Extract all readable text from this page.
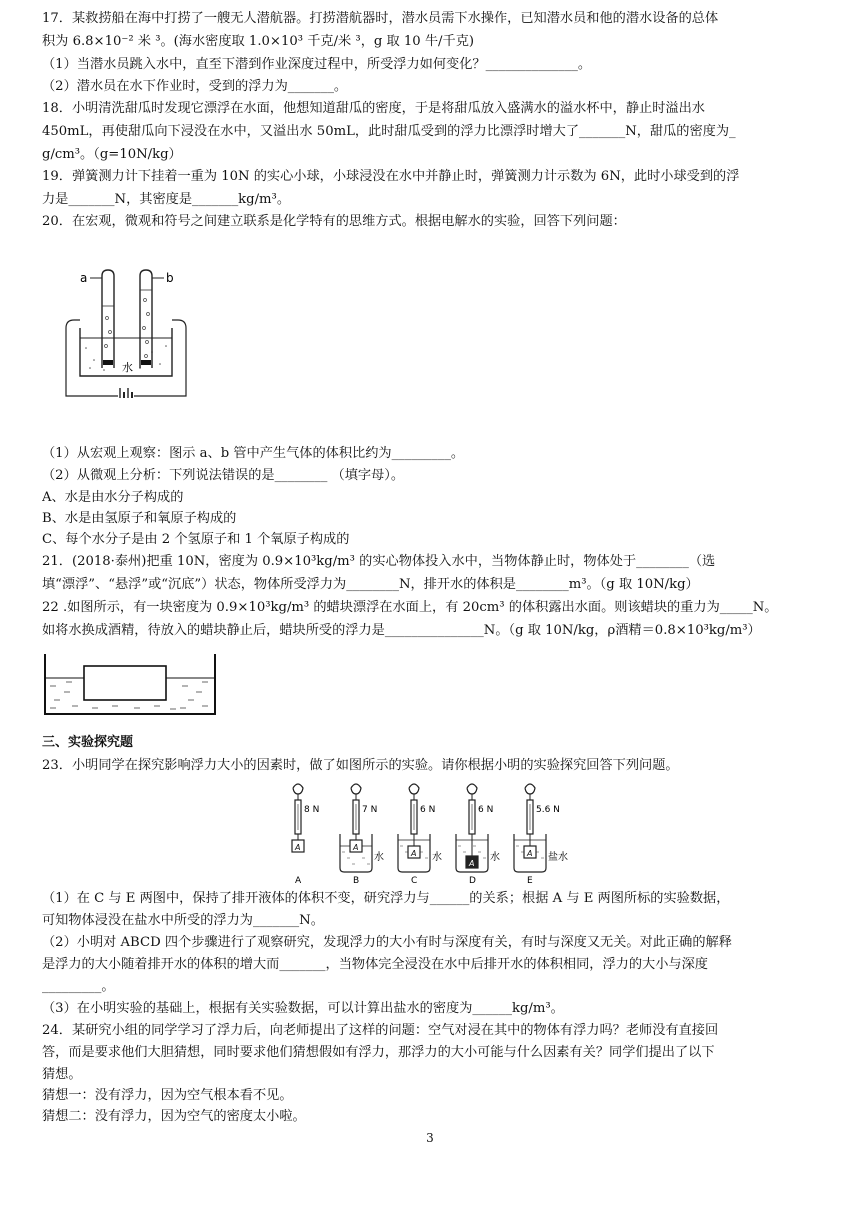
17．某救捞船在海中打捞了一艘无人潜航器。打捞潜航器时，潜水员需下水操作，已知潜水员和他的潜水设备的总体

积为 6.8×10⁻² 米 ³。(海水密度取 1.0×10³ 千克/米 ³，g 取 10 牛/千克)

（1）当潜水员跳入水中，直至下潜到作业深度过程中，所受浮力如何变化？______________。

（2）潜水员在水下作业时，受到的浮力为_______。

18．小明清洗甜瓜时发现它漂浮在水面，他想知道甜瓜的密度，于是将甜瓜放入盛满水的溢水杯中，静止时溢出水

450mL，再使甜瓜向下浸没在水中，又溢出水 50mL，此时甜瓜受到的浮力比漂浮时增大了_______N，甜瓜的密度为_

g/cm³。（g=10N/kg）

19．弹簧测力计下挂着一重为 10N 的实心小球，小球浸没在水中并静止时，弹簧测力计示数为 6N，此时小球受到的浮

力是_______N，其密度是_______kg/m³。

20．在宏观，微观和符号之间建立联系是化学特有的思维方式。根据电解水的实验，回答下列问题：

a	b
水

（1）从宏观上观察：图示 a、b 管中产生气体的体积比约为_________。

（2）从微观上分析：下列说法错误的是________ （填字母）。

A、水是由水分子构成的

B、水是由氢原子和氧原子构成的

C、每个水分子是由 2 个氢原子和 1 个氧原子构成的

21．(2018·泰州)把重 10N，密度为 0.9×10³kg/m³ 的实心物体投入水中，当物体静止时，物体处于________（选

填“漂浮”、“悬浮”或“沉底”）状态，物体所受浮力为________N，排开水的体积是________m³。（g 取 10N/kg）

22 .如图所示，有一块密度为 0.9×10³kg/m³ 的蜡块漂浮在水面上，有 20cm³ 的体积露出水面。则该蜡块的重力为_____N。

如将水换成酒精，待放入的蜡块静止后，蜡块所受的浮力是_______________N。（g 取 10N/kg，ρ酒精＝0.8×10³kg/m³）

三、实验探究题

23．小明同学在探究影响浮力大小的因素时，做了如图所示的实验。请你根据小明的实验探究回答下列问题。

8 N
A
A
7 N
水
A
B
6 N
水
A
C
6 N
水
A
D
5.6 N
盐水
A
E

（1）在 C 与 E 两图中，保持了排开液体的体积不变，研究浮力与______的关系；根据 A 与 E 两图所标的实验数据，

可知物体浸没在盐水中所受的浮力为_______N。

（2）小明对 ABCD 四个步骤进行了观察研究，发现浮力的大小有时与深度有关，有时与深度又无关。对此正确的解释

是浮力的大小随着排开水的体积的增大而_______，当物体完全浸没在水中后排开水的体积相同，浮力的大小与深度

_________。

（3）在小明实验的基础上，根据有关实验数据，可以计算出盐水的密度为______kg/m³。

24．某研究小组的同学学习了浮力后，向老师提出了这样的问题：空气对浸在其中的物体有浮力吗？老师没有直接回

答，而是要求他们大胆猜想，同时要求他们猜想假如有浮力，那浮力的大小可能与什么因素有关？同学们提出了以下

猜想。

猜想一：没有浮力，因为空气根本看不见。

猜想二：没有浮力，因为空气的密度太小啦。

3
